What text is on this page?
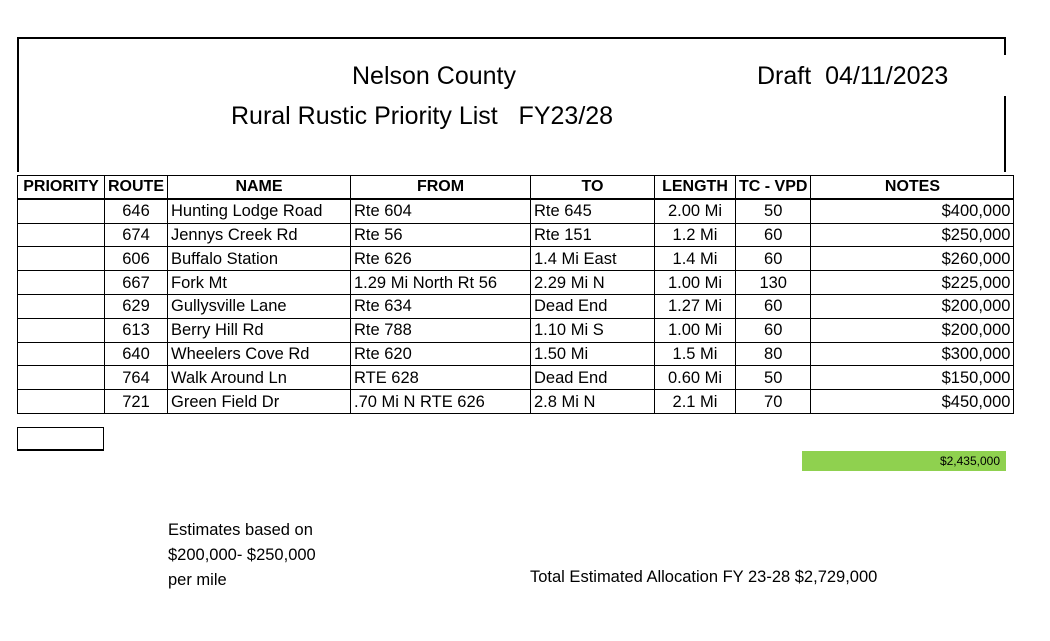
Nelson County	Draft  04/11/2023
Rural Rustic Priority List   FY23/28
PRIORITY	ROUTE	NAME	FROM	TO	LENGTH	TC - VPD	NOTES
	646	Hunting Lodge Road	Rte 604	Rte 645	2.00 Mi	50	$400,000
	674	Jennys Creek Rd	Rte 56	Rte 151	1.2 Mi	60	$250,000
	606	Buffalo Station	Rte 626	1.4 Mi East	1.4 Mi	60	$260,000
	667	Fork Mt	1.29 Mi North Rt 56	2.29 Mi N	1.00 Mi	130	$225,000
	629	Gullysville Lane	Rte 634	Dead End	1.27 Mi	60	$200,000
	613	Berry Hill Rd	Rte 788	1.10 Mi S	1.00 Mi	60	$200,000
	640	Wheelers Cove Rd	Rte 620	1.50 Mi	1.5 Mi	80	$300,000
	764	Walk Around Ln	RTE 628	Dead End	0.60 Mi	50	$150,000
	721	Green Field Dr	.70 Mi N RTE 626	2.8 Mi N	2.1 Mi	70	$450,000
$2,435,000
Estimates based on
$200,000- $250,000
per mile	Total Estimated Allocation FY 23-28 $2,729,000
